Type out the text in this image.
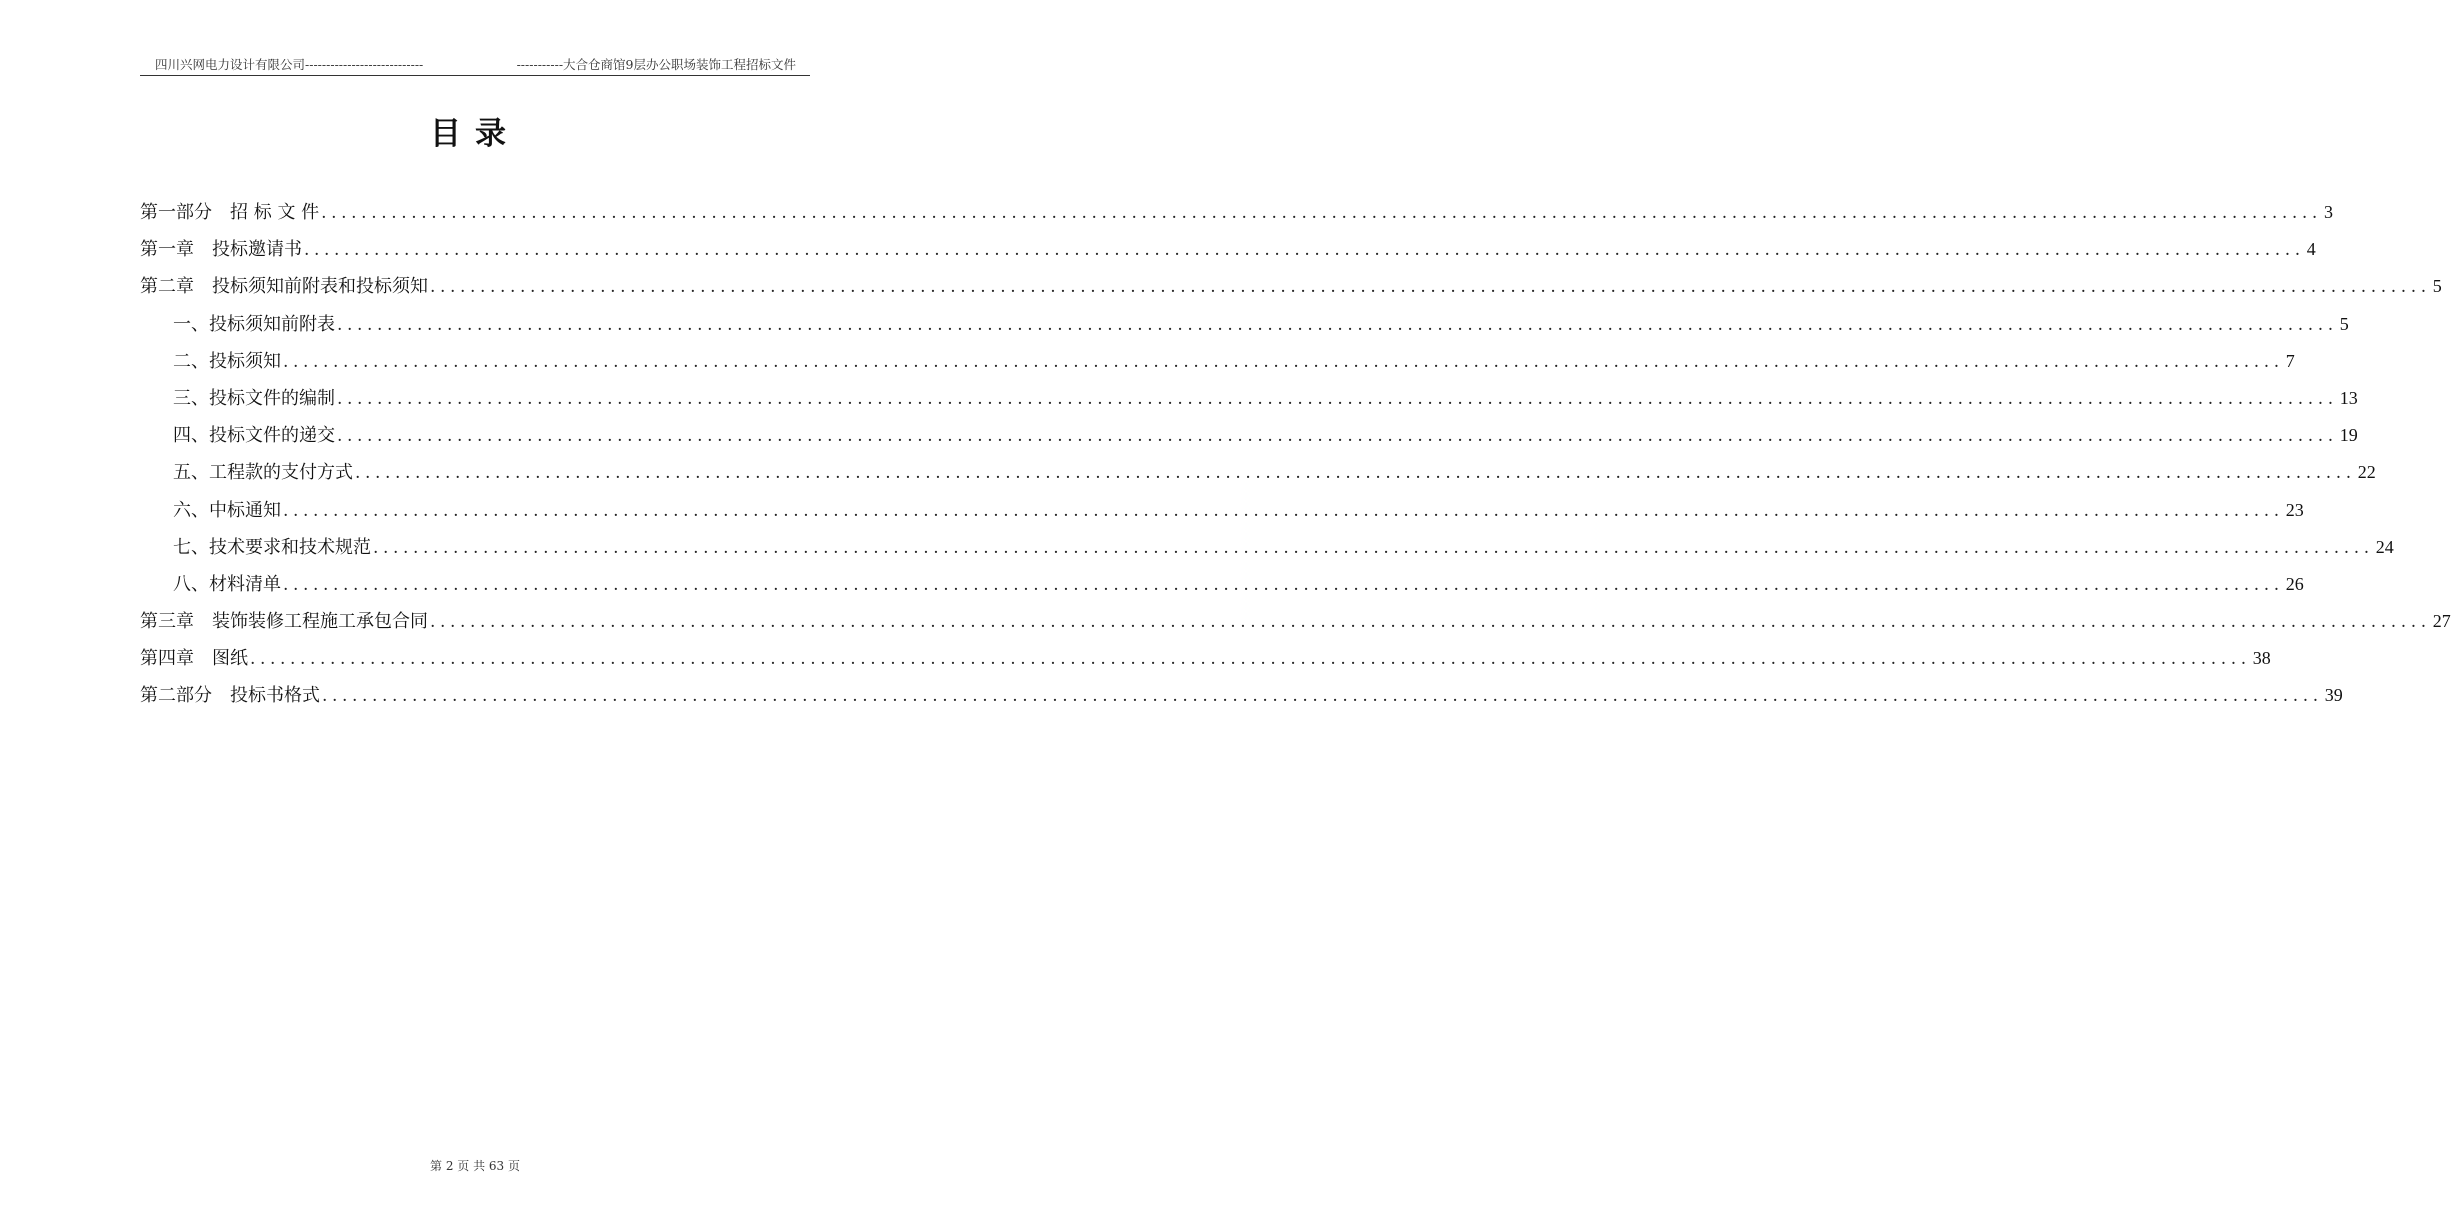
四川兴网电力设计有限公司----------------------------	-----------大合仓商馆9层办公职场装饰工程招标文件
目录
第一部分　招 标 文 件 ........................................................................................................................................................................................................ 3
第一章　投标邀请书 ........................................................................................................................................................................................................ 4
第二章　投标须知前附表和投标须知 ........................................................................................................................................................................................................ 5
一、投标须知前附表 ........................................................................................................................................................................................................ 5
二、投标须知 ........................................................................................................................................................................................................ 7
三、投标文件的编制 ........................................................................................................................................................................................................ 13
四、投标文件的递交 ........................................................................................................................................................................................................ 19
五、工程款的支付方式 ........................................................................................................................................................................................................ 22
六、中标通知 ........................................................................................................................................................................................................ 23
七、技术要求和技术规范 ........................................................................................................................................................................................................ 24
八、材料清单 ........................................................................................................................................................................................................ 26
第三章　装饰装修工程施工承包合同 ........................................................................................................................................................................................................ 27
第四章　图纸 ........................................................................................................................................................................................................ 38
第二部分　投标书格式 ........................................................................................................................................................................................................ 39
第 2 页 共 63 页
